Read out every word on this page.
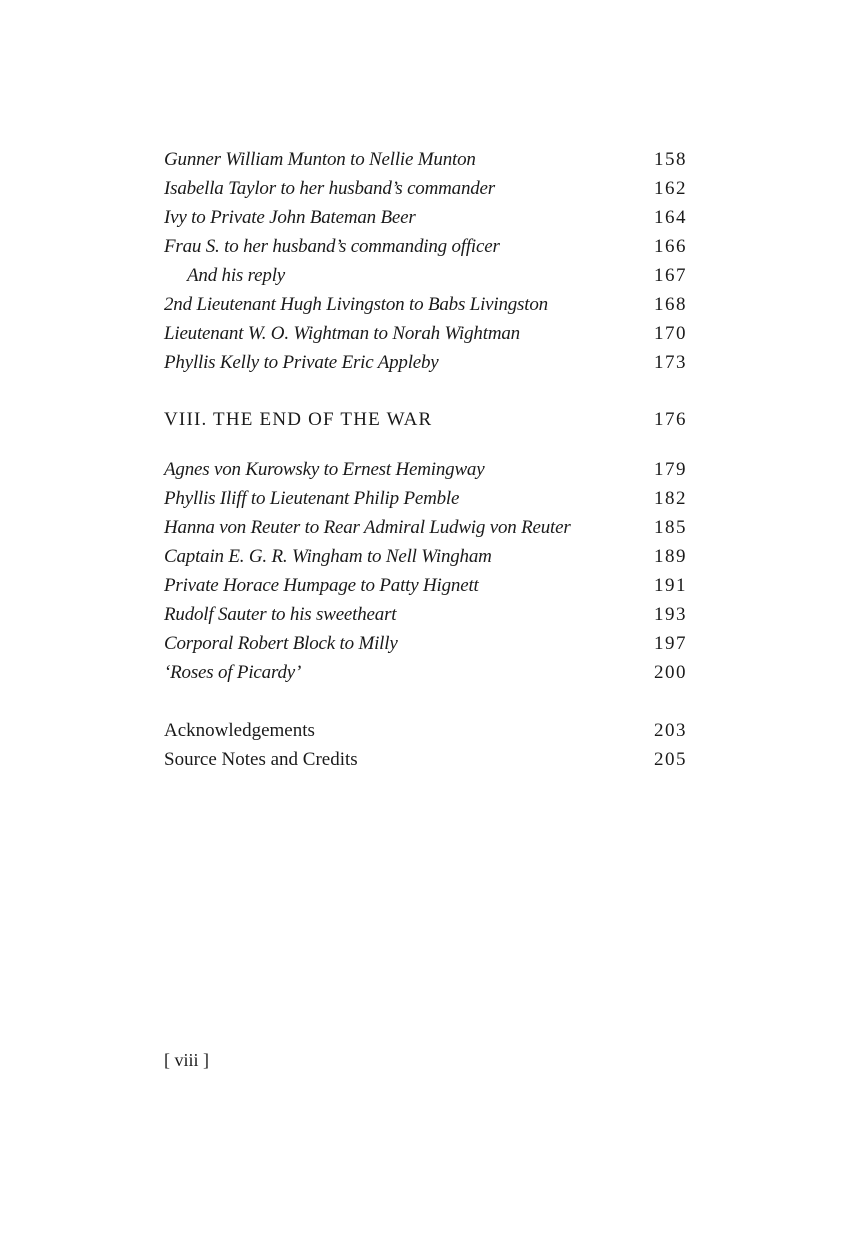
Gunner William Munton to Nellie Munton	158
Isabella Taylor to her husband’s commander	162
Ivy to Private John Bateman Beer	164
Frau S. to her husband’s commanding officer	166
And his reply	167
2nd Lieutenant Hugh Livingston to Babs Livingston	168
Lieutenant W. O. Wightman to Norah Wightman	170
Phyllis Kelly to Private Eric Appleby	173
VIII. THE END OF THE WAR	176
Agnes von Kurowsky to Ernest Hemingway	179
Phyllis Iliff to Lieutenant Philip Pemble	182
Hanna von Reuter to Rear Admiral Ludwig von Reuter	185
Captain E. G. R. Wingham to Nell Wingham	189
Private Horace Humpage to Patty Hignett	191
Rudolf Sauter to his sweetheart	193
Corporal Robert Block to Milly	197
‘Roses of Picardy’	200
Acknowledgements	203
Source Notes and Credits	205
[ viii ]
